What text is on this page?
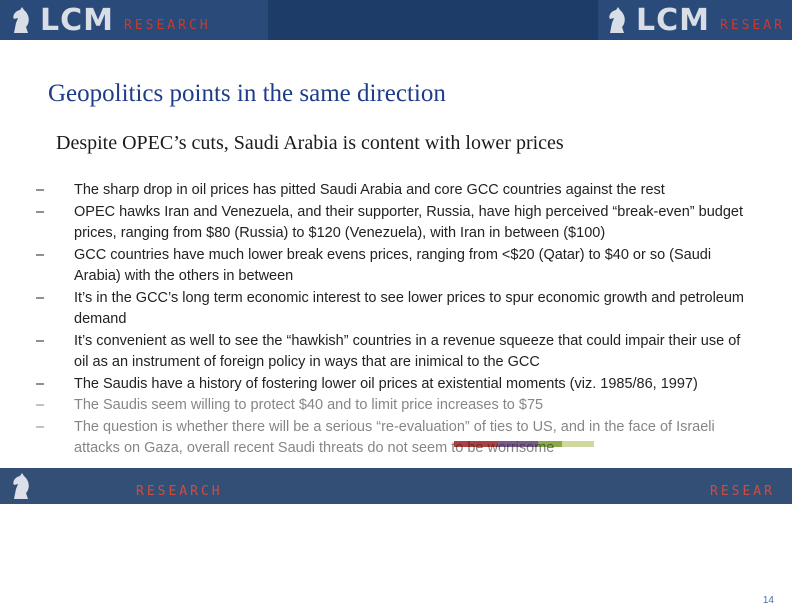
LCM RESEARCH	LCM RESEAR
Geopolitics points in the same direction
Despite OPEC’s cuts, Saudi Arabia is content with lower prices
RESEARCH	RESEAR
–	The sharp drop in oil prices has pitted Saudi Arabia and core GCC countries against the rest
–	OPEC hawks Iran and Venezuela, and their supporter, Russia, have high perceived “break-even” budget prices, ranging from $80 (Russia) to $120 (Venezuela), with Iran in between ($100)
–	GCC countries have much lower break evens prices, ranging from <$20 (Qatar) to $40 or so (Saudi Arabia) with the others in between
–	It’s in the GCC’s long term economic interest to see lower prices to spur economic growth and petroleum demand
–	It’s convenient as well to see the “hawkish” countries in a revenue squeeze that could impair their use of oil as an instrument of foreign policy in ways that are inimical to the GCC
–	The Saudis have a history of fostering lower oil prices at existential moments (viz. 1985/86, 1997)
–	The Saudis seem willing to protect $40 and to limit price increases to $75
–	The question is whether there will be a serious “re-evaluation” of ties to US, and in the face of Israeli attacks on Gaza, overall recent Saudi threats do not seem to be worrisome
14
